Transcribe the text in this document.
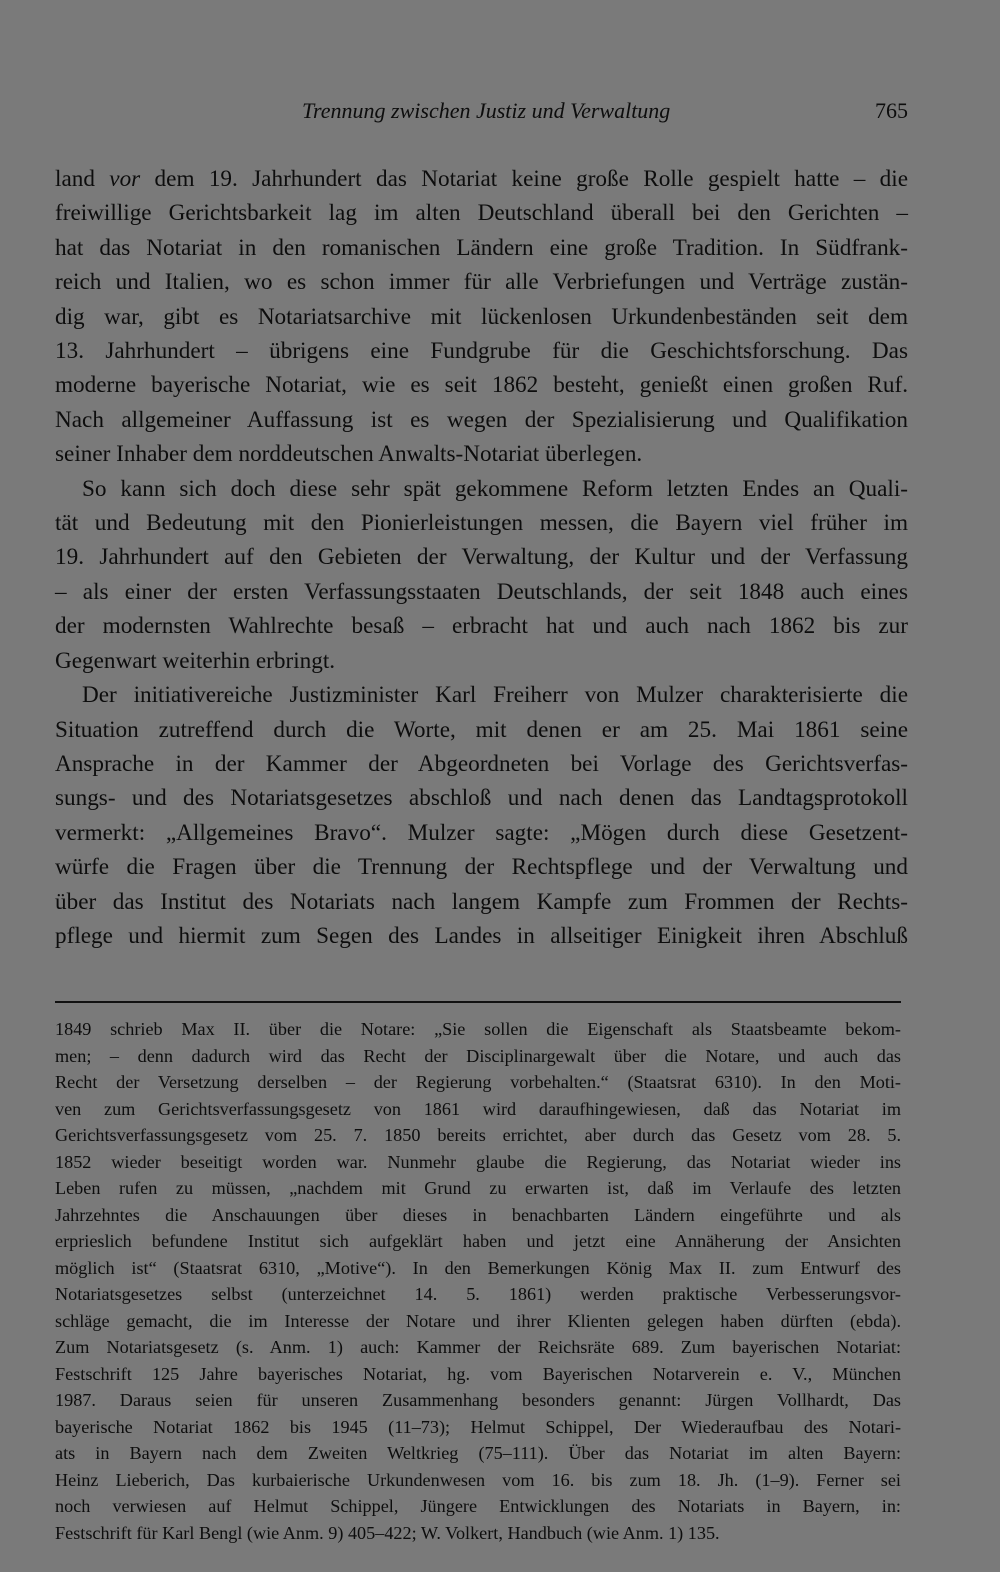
Trennung zwischen Justiz und Verwaltung	765
land vor dem 19. Jahrhundert das Notariat keine große Rolle gespielt hatte – die
freiwillige Gerichtsbarkeit lag im alten Deutschland überall bei den Gerichten –
hat das Notariat in den romanischen Ländern eine große Tradition. In Südfrank-
reich und Italien, wo es schon immer für alle Verbriefungen und Verträge zustän-
dig war, gibt es Notariatsarchive mit lückenlosen Urkundenbeständen seit dem
13. Jahrhundert – übrigens eine Fundgrube für die Geschichtsforschung. Das
moderne bayerische Notariat, wie es seit 1862 besteht, genießt einen großen Ruf.
Nach allgemeiner Auffassung ist es wegen der Spezialisierung und Qualifikation
seiner Inhaber dem norddeutschen Anwalts-Notariat überlegen.
So kann sich doch diese sehr spät gekommene Reform letzten Endes an Quali-
tät und Bedeutung mit den Pionierleistungen messen, die Bayern viel früher im
19. Jahrhundert auf den Gebieten der Verwaltung, der Kultur und der Verfassung
– als einer der ersten Verfassungsstaaten Deutschlands, der seit 1848 auch eines
der modernsten Wahlrechte besaß – erbracht hat und auch nach 1862 bis zur
Gegenwart weiterhin erbringt.
Der initiativereiche Justizminister Karl Freiherr von Mulzer charakterisierte die
Situation zutreffend durch die Worte, mit denen er am 25. Mai 1861 seine
Ansprache in der Kammer der Abgeordneten bei Vorlage des Gerichtsverfas-
sungs- und des Notariatsgesetzes abschloß und nach denen das Landtagsprotokoll
vermerkt: „Allgemeines Bravo“. Mulzer sagte: „Mögen durch diese Gesetzent-
würfe die Fragen über die Trennung der Rechtspflege und der Verwaltung und
über das Institut des Notariats nach langem Kampfe zum Frommen der Rechts-
pflege und hiermit zum Segen des Landes in allseitiger Einigkeit ihren Abschluß
1849 schrieb Max II. über die Notare: „Sie sollen die Eigenschaft als Staatsbeamte bekom-
men; – denn dadurch wird das Recht der Disciplinargewalt über die Notare, und auch das
Recht der Versetzung derselben – der Regierung vorbehalten.“ (Staatsrat 6310). In den Moti-
ven zum Gerichtsverfassungsgesetz von 1861 wird daraufhingewiesen, daß das Notariat im
Gerichtsverfassungsgesetz vom 25. 7. 1850 bereits errichtet, aber durch das Gesetz vom 28. 5.
1852 wieder beseitigt worden war. Nunmehr glaube die Regierung, das Notariat wieder ins
Leben rufen zu müssen, „nachdem mit Grund zu erwarten ist, daß im Verlaufe des letzten
Jahrzehntes die Anschauungen über dieses in benachbarten Ländern eingeführte und als
erprieslich befundene Institut sich aufgeklärt haben und jetzt eine Annäherung der Ansichten
möglich ist“ (Staatsrat 6310, „Motive“). In den Bemerkungen König Max II. zum Entwurf des
Notariatsgesetzes selbst (unterzeichnet 14. 5. 1861) werden praktische Verbesserungsvor-
schläge gemacht, die im Interesse der Notare und ihrer Klienten gelegen haben dürften (ebda).
Zum Notariatsgesetz (s. Anm. 1) auch: Kammer der Reichsräte 689. Zum bayerischen Notariat:
Festschrift 125 Jahre bayerisches Notariat, hg. vom Bayerischen Notarverein e. V., München
1987. Daraus seien für unseren Zusammenhang besonders genannt: Jürgen Vollhardt, Das
bayerische Notariat 1862 bis 1945 (11–73); Helmut Schippel, Der Wiederaufbau des Notari-
ats in Bayern nach dem Zweiten Weltkrieg (75–111). Über das Notariat im alten Bayern:
Heinz Lieberich, Das kurbaierische Urkundenwesen vom 16. bis zum 18. Jh. (1–9). Ferner sei
noch verwiesen auf Helmut Schippel, Jüngere Entwicklungen des Notariats in Bayern, in:
Festschrift für Karl Bengl (wie Anm. 9) 405–422; W. Volkert, Handbuch (wie Anm. 1) 135.
